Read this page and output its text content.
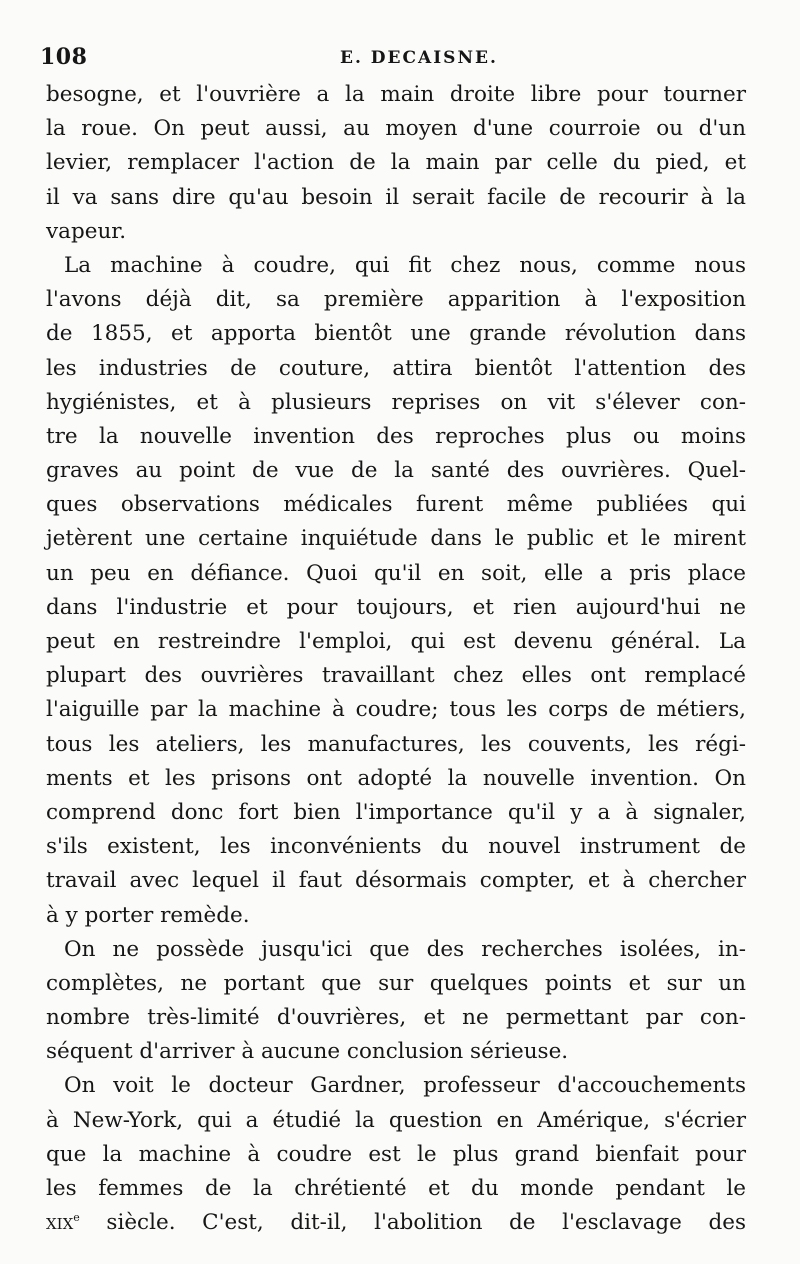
108	E. DECAISNE.
besogne, et l'ouvrière a la main droite libre pour tourner
la roue. On peut aussi, au moyen d'une courroie ou d'un
levier, remplacer l'action de la main par celle du pied, et
il va sans dire qu'au besoin il serait facile de recourir à la
vapeur.
La machine à coudre, qui fit chez nous, comme nous
l'avons déjà dit, sa première apparition à l'exposition
de 1855, et apporta bientôt une grande révolution dans
les industries de couture, attira bientôt l'attention des
hygiénistes, et à plusieurs reprises on vit s'élever con-
tre la nouvelle invention des reproches plus ou moins
graves au point de vue de la santé des ouvrières. Quel-
ques observations médicales furent même publiées qui
jetèrent une certaine inquiétude dans le public et le mirent
un peu en défiance. Quoi qu'il en soit, elle a pris place
dans l'industrie et pour toujours, et rien aujourd'hui ne
peut en restreindre l'emploi, qui est devenu général. La
plupart des ouvrières travaillant chez elles ont remplacé
l'aiguille par la machine à coudre; tous les corps de métiers,
tous les ateliers, les manufactures, les couvents, les régi-
ments et les prisons ont adopté la nouvelle invention. On
comprend donc fort bien l'importance qu'il y a à signaler,
s'ils existent, les inconvénients du nouvel instrument de
travail avec lequel il faut désormais compter, et à chercher
à y porter remède.
On ne possède jusqu'ici que des recherches isolées, in-
complètes, ne portant que sur quelques points et sur un
nombre très-limité d'ouvrières, et ne permettant par con-
séquent d'arriver à aucune conclusion sérieuse.
On voit le docteur Gardner, professeur d'accouchements
à New-York, qui a étudié la question en Amérique, s'écrier
que la machine à coudre est le plus grand bienfait pour
les femmes de la chrétienté et du monde pendant le
xix$^e$ siècle. C'est, dit-il, l'abolition de l'esclavage des
